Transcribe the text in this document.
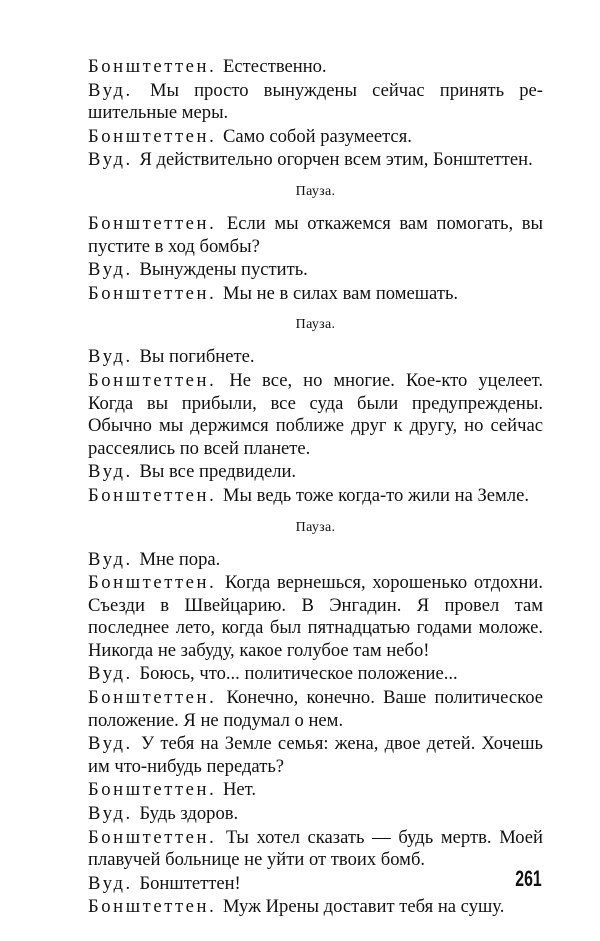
Бонштеттен. Естественно.

Вуд. Мы просто вынуждены сейчас принять решительные меры.

Бонштеттен. Само собой разумеется.

Вуд. Я действительно огорчен всем этим, Бонштеттен.

Пауза.

Бонштеттен. Если мы откажемся вам помогать, вы пустите в ход бомбы?

Вуд. Вынуждены пустить.

Бонштеттен. Мы не в силах вам помешать.

Пауза.

Вуд. Вы погибнете.

Бонштеттен. Не все, но многие. Кое-кто уцелеет. Когда вы прибыли, все суда были предупреждены. Обычно мы держимся поближе друг к другу, но сейчас рассеялись по всей планете.

Вуд. Вы все предвидели.

Бонштеттен. Мы ведь тоже когда-то жили на Земле.

Пауза.

Вуд. Мне пора.

Бонштеттен. Когда вернешься, хорошенько отдохни. Съезди в Швейцарию. В Энгадин. Я провел там последнее лето, когда был пятнадцатью годами моложе. Никогда не забуду, какое голубое там небо!

Вуд. Боюсь, что... политическое положение...

Бонштеттен. Конечно, конечно. Ваше политическое положение. Я не подумал о нем.

Вуд. У тебя на Земле семья: жена, двое детей. Хочешь им что-нибудь передать?

Бонштеттен. Нет.

Вуд. Будь здоров.

Бонштеттен. Ты хотел сказать — будь мертв. Моей плавучей больнице не уйти от твоих бомб.

Вуд. Бонштеттен!

Бонштеттен. Муж Ирены доставит тебя на сушу.

261
